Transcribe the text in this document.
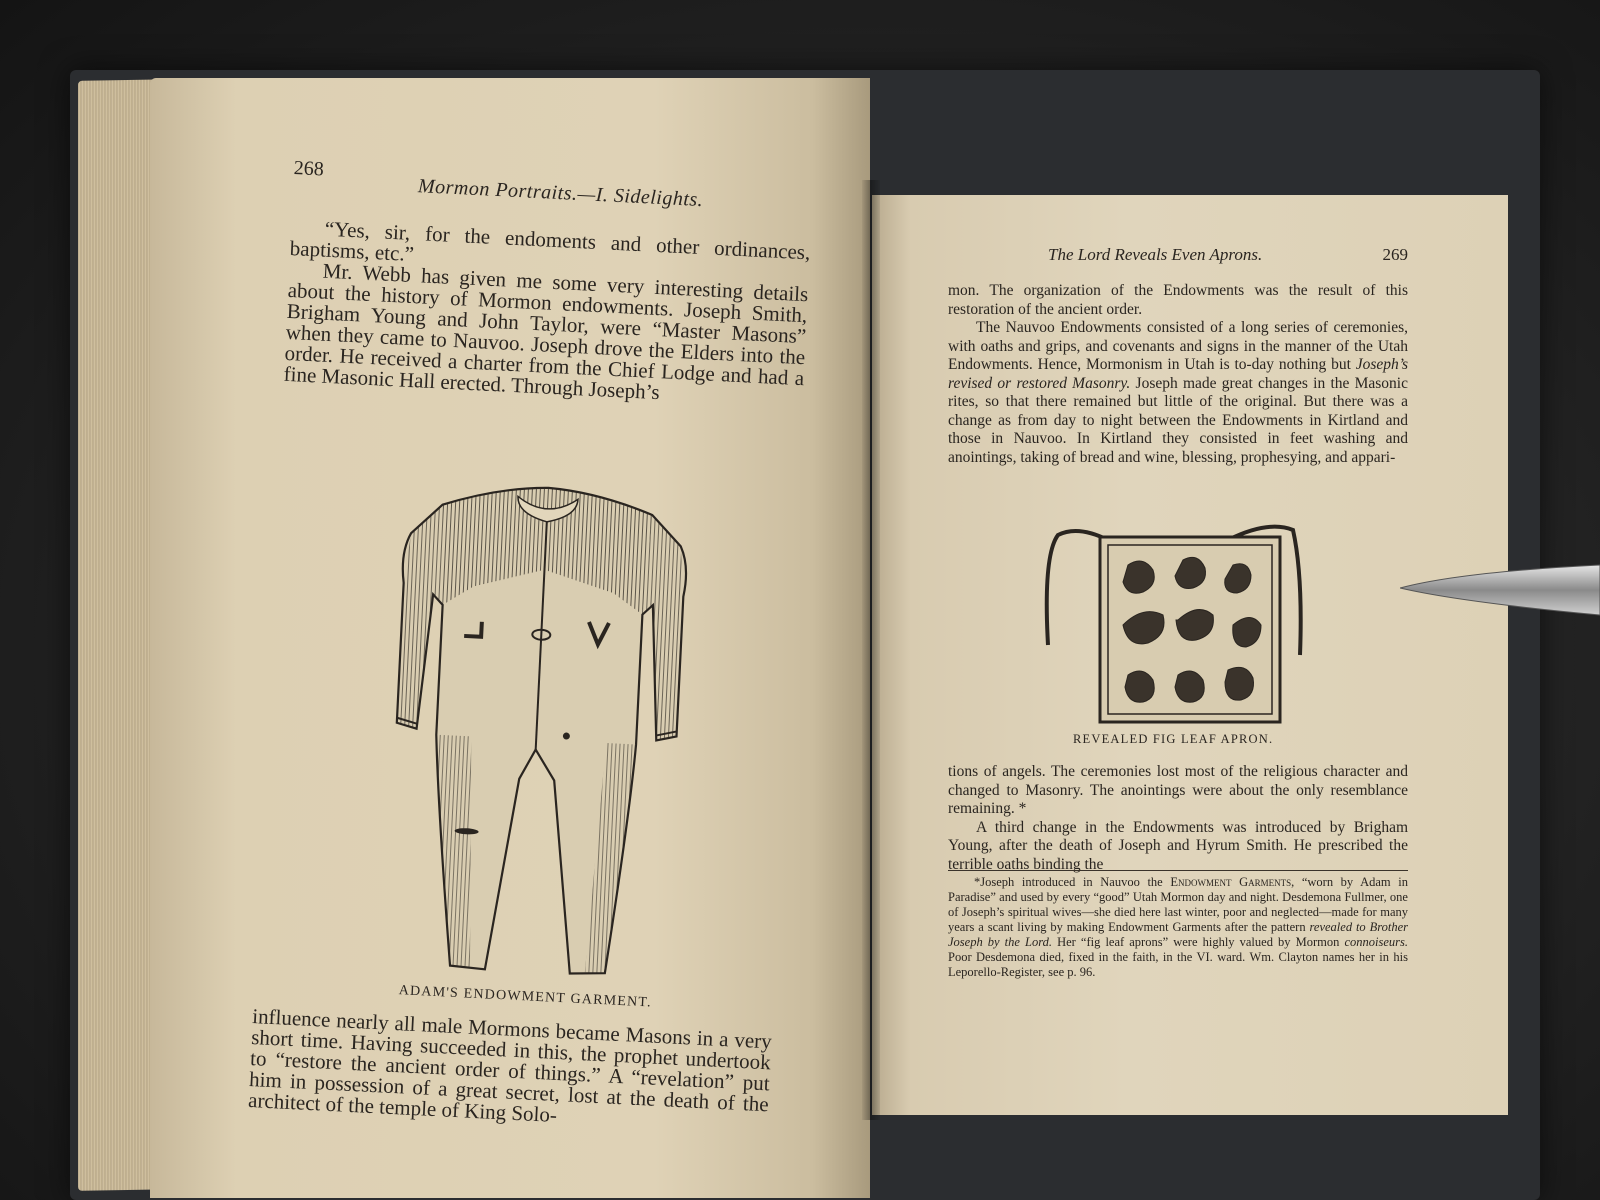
268
Mormon Portraits.—I. Sidelights.

“Yes, sir, for the endoments and other ordinances, baptisms, etc.”

Mr. Webb has given me some very interesting details about the history of Mormon endowments. Joseph Smith, Brigham Young and John Taylor, were “Master Masons” when they came to Nauvoo. Joseph drove the Elders into the order. He received a charter from the Chief Lodge and had a fine Masonic Hall erected. Through Joseph’s

ADAM'S ENDOWMENT GARMENT.

influence nearly all male Mormons became Masons in a very short time. Having succeeded in this, the prophet undertook to “restore the ancient order of things.” A “revelation” put him in possession of a great secret, lost at the death of the architect of the temple of King Solo-

The Lord Reveals Even Aprons.	269

mon. The organization of the Endowments was the result of this restoration of the ancient order.

The Nauvoo Endowments consisted of a long series of ceremonies, with oaths and grips, and covenants and signs in the manner of the Utah Endowments. Hence, Mormonism in Utah is to-day nothing but Joseph’s revised or restored Masonry. Joseph made great changes in the Masonic rites, so that there remained but little of the original. But there was a change as from day to night between the Endowments in Kirtland and those in Nauvoo. In Kirtland they consisted in feet washing and anointings, taking of bread and wine, blessing, prophesying, and appari-

REVEALED FIG LEAF APRON.

tions of angels. The ceremonies lost most of the religious character and changed to Masonry. The anointings were about the only resemblance remaining. *

A third change in the Endowments was introduced by Brigham Young, after the death of Joseph and Hyrum Smith. He prescribed the terrible oaths binding the

*Joseph introduced in Nauvoo the Endowment Garments, “worn by Adam in Paradise” and used by every “good” Utah Mormon day and night. Desdemona Fullmer, one of Joseph’s spiritual wives—she died here last winter, poor and neglected—made for many years a scant living by making Endowment Garments after the pattern revealed to Brother Joseph by the Lord. Her “fig leaf aprons” were highly valued by Mormon connoiseurs. Poor Desdemona died, fixed in the faith, in the VI. ward. Wm. Clayton names her in his Leporello-Register, see p. 96.
